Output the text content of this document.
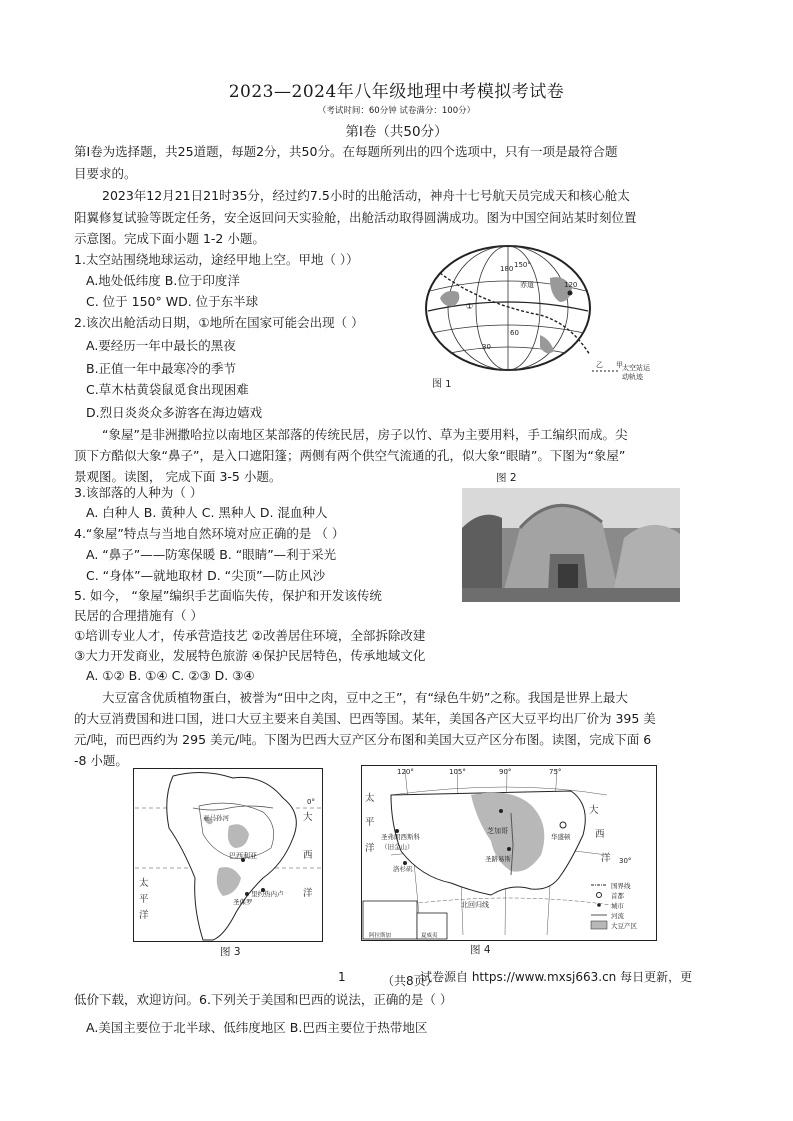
2023—2024年八年级地理中考模拟考试卷
（考试时间：60分钟 试卷满分：100分）
第Ⅰ卷（共50分）
第Ⅰ卷为选择题，共25道题，每题2分，共50分。在每题所列出的四个选项中，只有一项是最符合题
目要求的。
2023年12月21日21时35分，经过约7.5小时的出舱活动，神舟十七号航天员完成天和核心舱太
阳翼修复试验等既定任务，安全返回问天实验舱，出舱活动取得圆满成功。图为中国空间站某时刻位置
示意图。完成下面小题 1-2 小题。
1.太空站围绕地球运动，途经甲地上空。甲地（ ））
A.地处低纬度 B.位于印度洋
C. 位于 150° WD. 位于东半球
2.该次出舱活动日期，①地所在国家可能会出现（ ）
A.要经历一年中最长的黑夜
B.正值一年中最寒冷的季节
C.草木枯黄袋鼠觅食出现困难
D.烈日炎炎众多游客在海边嬉戏
180
120
150°
赤道
60
30
①
图 1
乙 甲 太空站运
动轨迹
“象屋”是非洲撒哈拉以南地区某部落的传统民居，房子以竹、草为主要用料，手工编织而成。尖
顶下方酷似大象“鼻子”，是入口遮阳篷；两侧有两个供空气流通的孔，似大象“眼睛”。下图为“象屋”
景观图。读图， 完成下面 3-5 小题。	图 2
3.该部落的人种为（ ）
A. 白种人 B. 黄种人 C. 黑种人 D. 混血种人
4.“象屋”特点与当地自然环境对应正确的是 （ ）
A. “鼻子”——防寒保暖 B. “眼睛”—利于采光
C. “身体”—就地取材 D. “尖顶”—防止风沙
5. 如今， “象屋”编织手艺面临失传，保护和开发该传统
民居的合理措施有（ ）
①培训专业人才，传承营造技艺 ②改善居住环境，全部拆除改建
③大力开发商业，发展特色旅游 ④保护民居特色，传承地域文化
A. ①② B. ①④ C. ②③ D. ③④
大豆富含优质植物蛋白，被誉为“田中之肉，豆中之王”，有“绿色牛奶”之称。我国是世界上最大
的大豆消费国和进口国，进口大豆主要来自美国、巴西等国。某年，美国各产区大豆平均出厂价为 395 美
元/吨，而巴西约为 295 美元/吨。下图为巴西大豆产区分布图和美国大豆产区分布图。读图，完成下面 6
-8 小题。
0°
亚马孙河
巴西利亚
圣保罗
里约热内卢
太
平
洋
大
西
洋
图 3
120°	105°	90°	75°
芝加哥
圣弗朗西斯科
（旧金山）
洛杉矶
圣路易斯
华盛顿
30°
北回归线
阿拉斯加	夏威夷
太
平
洋
大
西
洋
国界线
首都
城市
河流
大豆产区
图 4
1	（共8页）
试卷源自 https://www.mxsj663.cn 每日更新，更
低价下载，欢迎访问。6.下列关于美国和巴西的说法，正确的是（ ）
A.美国主要位于北半球、低纬度地区 B.巴西主要位于热带地区
